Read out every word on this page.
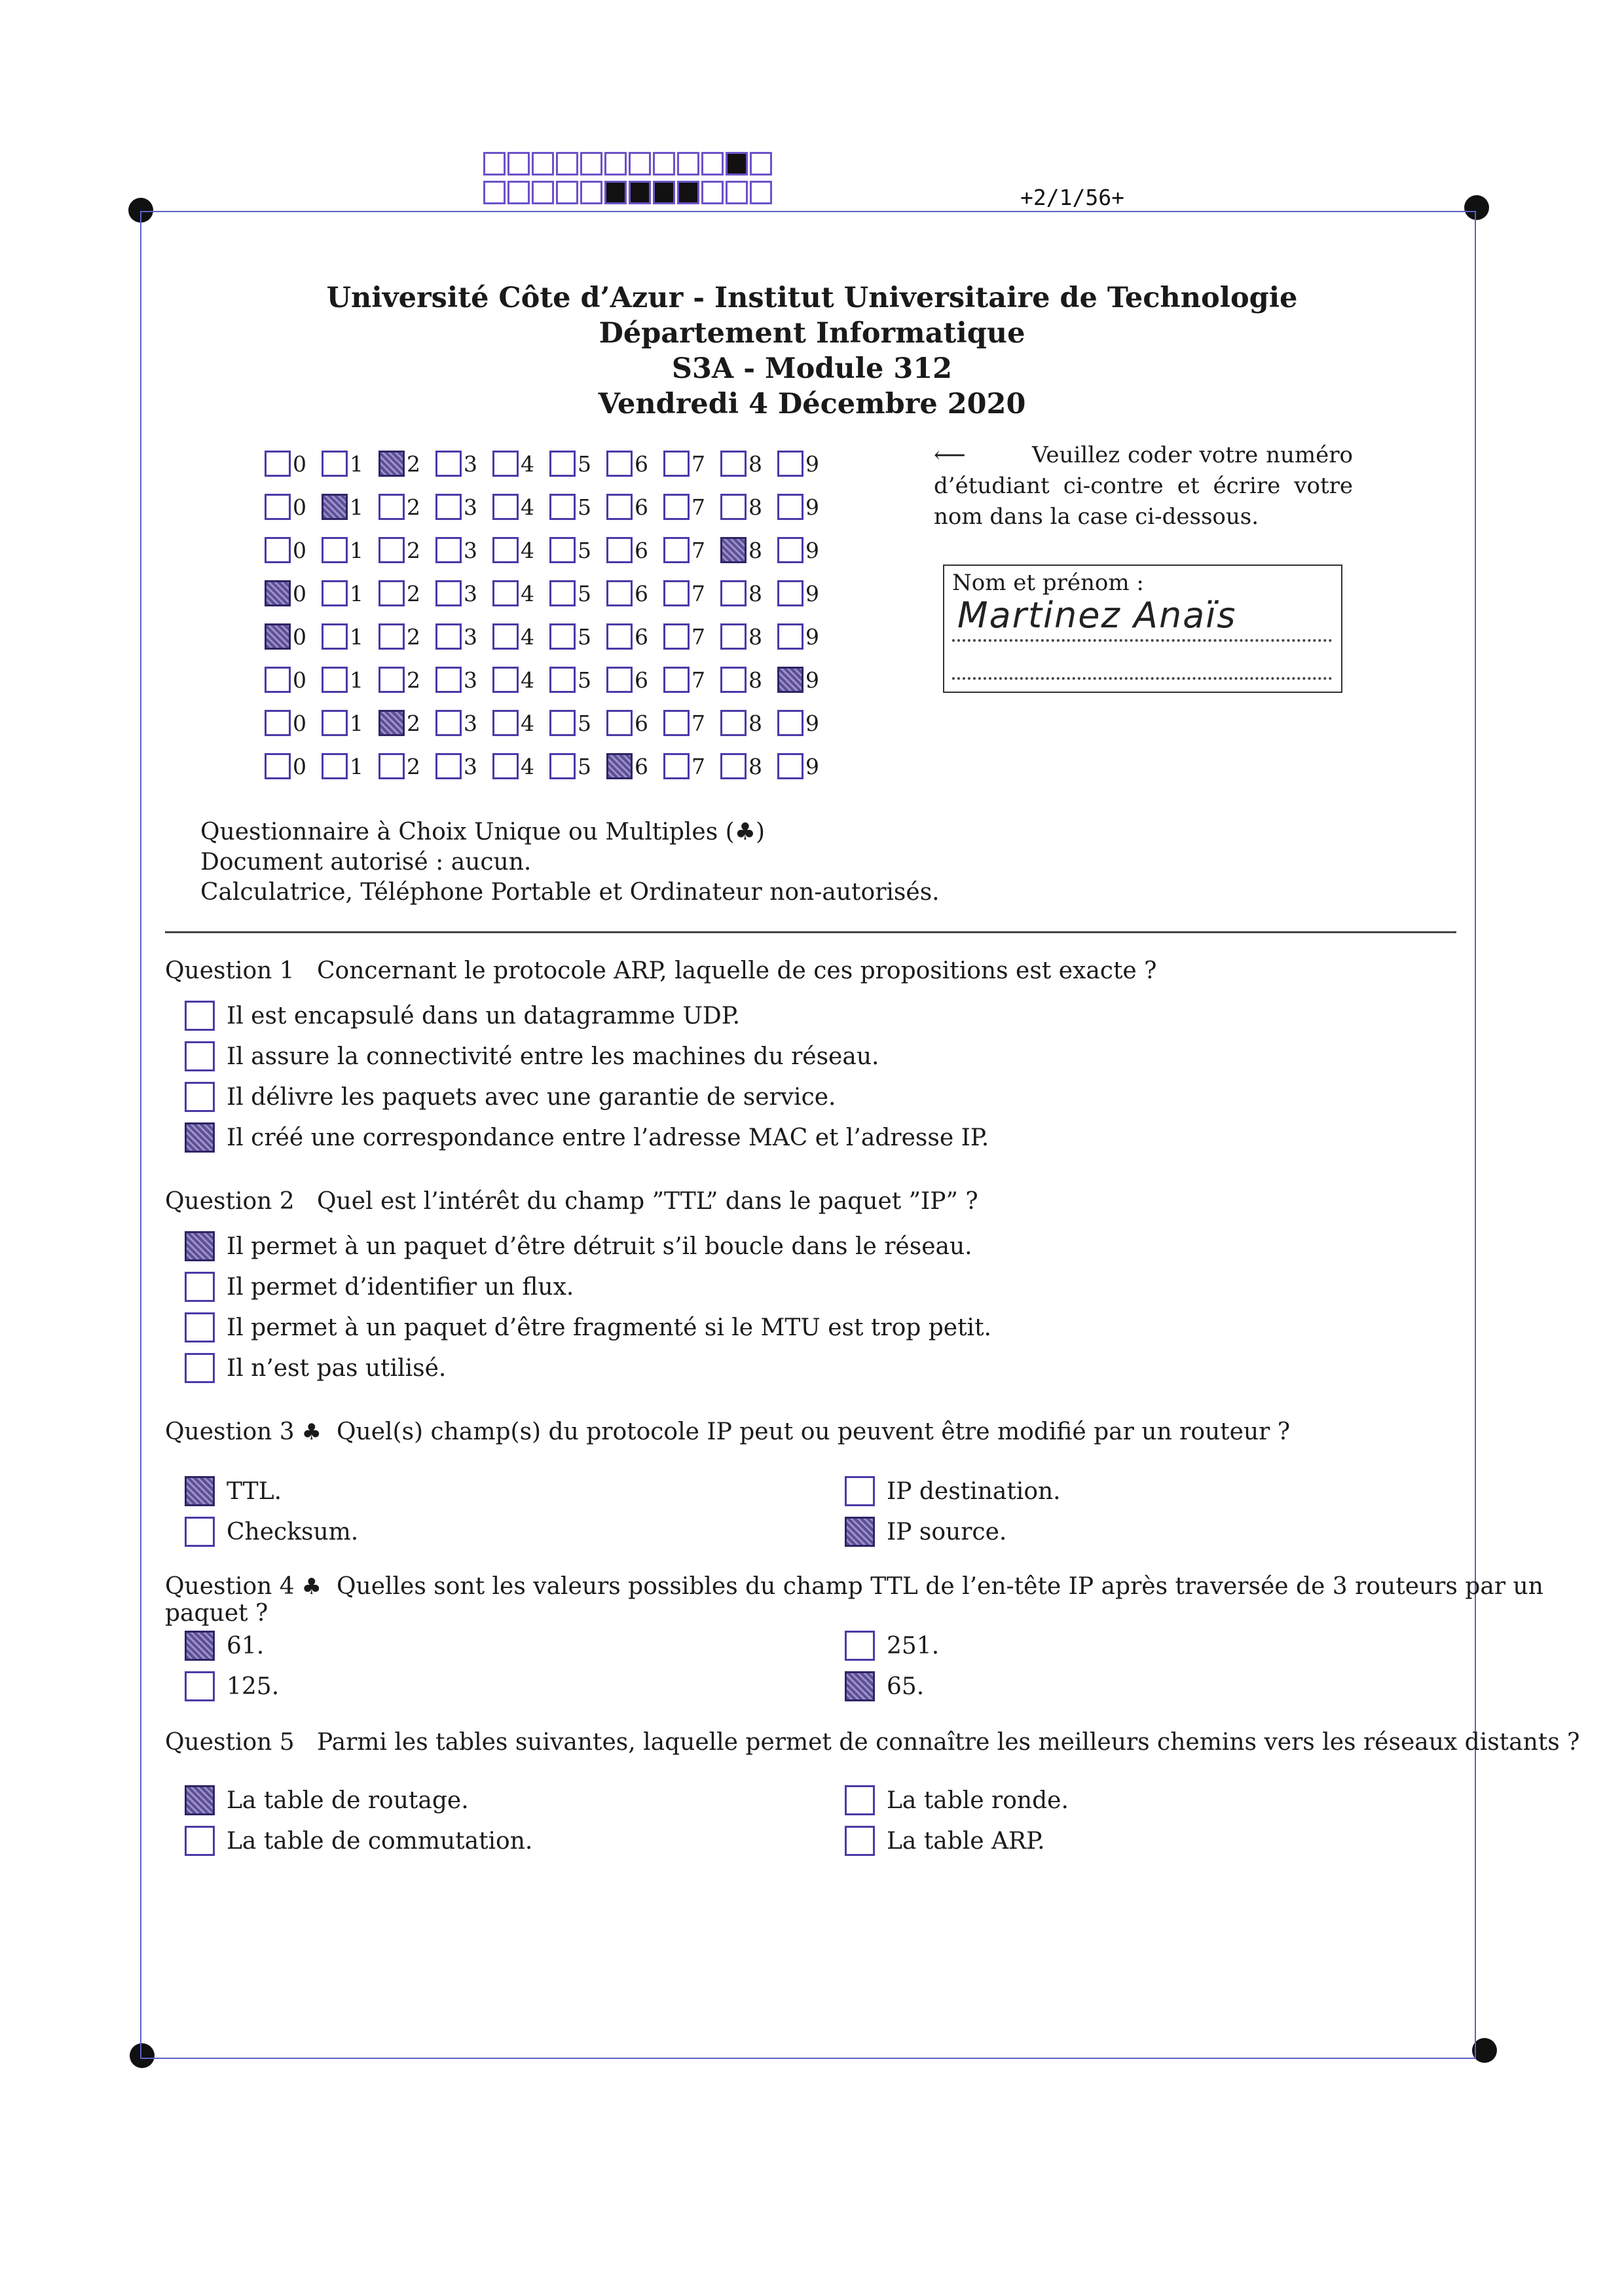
+2/1/56+
Université Côte d’Azur - Institut Universitaire de Technologie
Département Informatique
S3A - Module 312
Vendredi 4 Décembre 2020
0 1 2 3 4 5 6 7 8 9
0 1 2 3 4 5 6 7 8 9
0 1 2 3 4 5 6 7 8 9
0 1 2 3 4 5 6 7 8 9
0 1 2 3 4 5 6 7 8 9
0 1 2 3 4 5 6 7 8 9
0 1 2 3 4 5 6 7 8 9
0 1 2 3 4 5 6 7 8 9
⟵	Veuillez coder votre numéro d’étudiant ci-contre et écrire votre nom dans la case ci-dessous.
Nom et prénom :
Martinez Anaïs
Questionnaire à Choix Unique ou Multiples (♣)
Document autorisé : aucun.
Calculatrice, Téléphone Portable et Ordinateur non-autorisés.
Question 1 Concernant le protocole ARP, laquelle de ces propositions est exacte ?
Il est encapsulé dans un datagramme UDP.
Il assure la connectivité entre les machines du réseau.
Il délivre les paquets avec une garantie de service.
Il créé une correspondance entre l’adresse MAC et l’adresse IP.
Question 2 Quel est l’intérêt du champ ”TTL” dans le paquet ”IP” ?
Il permet à un paquet d’être détruit s’il boucle dans le réseau.
Il permet d’identifier un flux.
Il permet à un paquet d’être fragmenté si le MTU est trop petit.
Il n’est pas utilisé.
Question 3 ♣ Quel(s) champ(s) du protocole IP peut ou peuvent être modifié par un routeur ?
TTL.
Checksum.
IP destination.
IP source.
Question 4 ♣ Quelles sont les valeurs possibles du champ TTL de l’en-tête IP après traversée de 3 routeurs par un paquet ?
61.
125.
251.
65.
Question 5 Parmi les tables suivantes, laquelle permet de connaître les meilleurs chemins vers les réseaux distants ?
La table de routage.
La table de commutation.
La table ronde.
La table ARP.
